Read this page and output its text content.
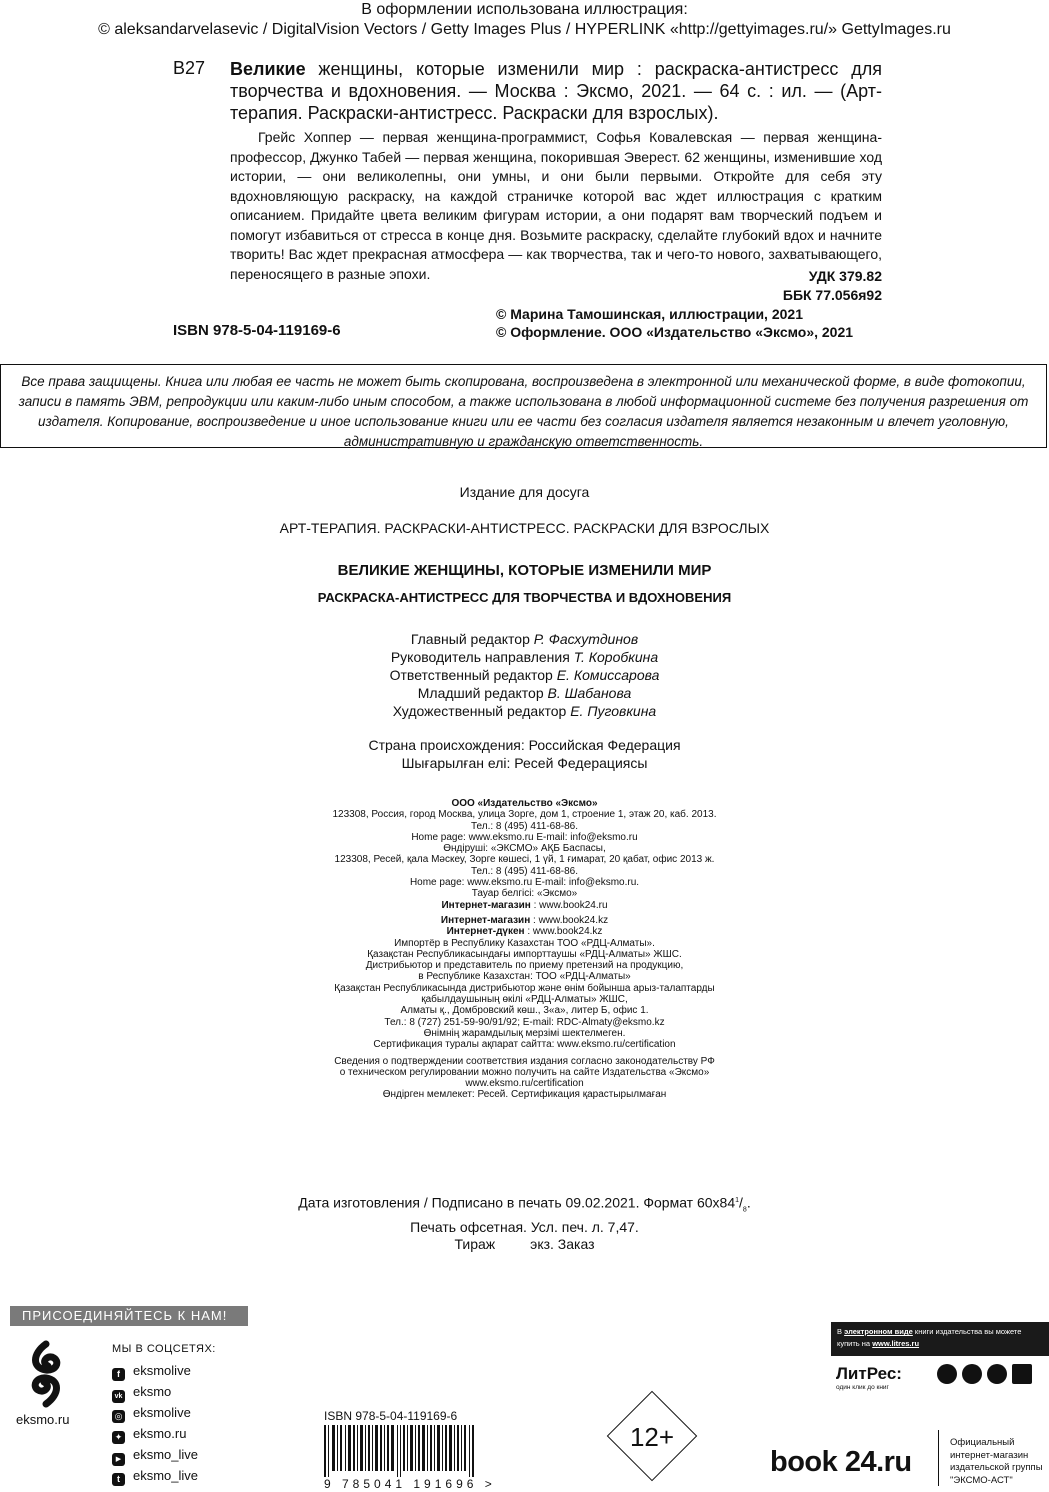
В оформлении использована иллюстрация:
© aleksandarvelasevic / DigitalVision Vectors / Getty Images Plus / HYPERLINK «http://gettyimages.ru/» GettyImages.ru
В27 Великие женщины, которые изменили мир : раскраска-антистресс для творчества и вдохновения. — Москва : Эксмо, 2021. — 64 с. : ил. — (Арт-терапия. Раскраски-антистресс. Раскраски для взрослых).
Грейс Хоппер — первая женщина-программист, Софья Ковалевская — первая женщина-профессор, Джунко Табей — первая женщина, покорившая Эверест. 62 женщины, изменившие ход истории, — они великолепны, они умны, и они были первыми. Откройте для себя эту вдохновляющую раскраску, на каждой страничке которой вас ждет иллюстрация с кратким описанием. Придайте цвета великим фигурам истории, а они подарят вам творческий подъем и помогут избавиться от стресса в конце дня. Возьмите раскраску, сделайте глубокий вдох и начните творить! Вас ждет прекрасная атмосфера — как творчества, так и чего-то нового, захватывающего, переносящего в разные эпохи.	УДК 379.82
ББК 77.056я92
© Марина Тамошинская, иллюстрации, 2021
© Оформление. ООО «Издательство «Эксмо», 2021
ISBN 978-5-04-119169-6
Все права защищены. Книга или любая ее часть не может быть скопирована, воспроизведена в электронной или механической форме, в виде фотокопии, записи в память ЭВМ, репродукции или каким-либо иным способом, а также использована в любой информационной системе без получения разрешения от издателя. Копирование, воспроизведение и иное использование книги или ее части без согласия издателя является незаконным и влечет уголовную, административную и гражданскую ответственность.
Издание для досуга
АРТ-ТЕРАПИЯ. РАСКРАСКИ-АНТИСТРЕСС. РАСКРАСКИ ДЛЯ ВЗРОСЛЫХ
ВЕЛИКИЕ ЖЕНЩИНЫ, КОТОРЫЕ ИЗМЕНИЛИ МИР
РАСКРАСКА-АНТИСТРЕСС ДЛЯ ТВОРЧЕСТВА И ВДОХНОВЕНИЯ
Главный редактор Р. Фасхутдинов
Руководитель направления Т. Коробкина
Ответственный редактор Е. Комиссарова
Младший редактор В. Шабанова
Художественный редактор Е. Пуговкина
Страна происхождения: Российская Федерация
Шығарылған елі: Ресей Федерациясы
ООО «Издательство «Эксмо»
123308, Россия, город Москва, улица Зорге, дом 1, строение 1, этаж 20, каб. 2013.
Тел.: 8 (495) 411-68-86.
Home page: www.eksmo.ru E-mail: info@eksmo.ru
Өндіруші: «ЭКСМО» АҚБ Баспасы,
123308, Ресей, қала Мәскеу, Зорге көшесі, 1 үй, 1 ғимарат, 20 қабат, офис 2013 ж.
Тел.: 8 (495) 411-68-86.
Home page: www.eksmo.ru E-mail: info@eksmo.ru.
Тауар белгісі: «Эксмо»
Интернет-магазин : www.book24.ru
Интернет-магазин : www.book24.kz
Интернет-дүкен : www.book24.kz
Импортёр в Республику Казахстан ТОО «РДЦ-Алматы».
Қазақстан Республикасындағы импорттаушы «РДЦ-Алматы» ЖШС.
Дистрибьютор и представитель по приему претензий на продукцию,
в Республике Казахстан: ТОО «РДЦ-Алматы»
Қазақстан Республикасында дистрибьютор және өнім бойынша арыз-талаптарды
қабылдаушының өкілі «РДЦ-Алматы» ЖШС,
Алматы қ., Домбровский көш., 3«а», литер Б, офис 1.
Тел.: 8 (727) 251-59-90/91/92; E-mail: RDC-Almaty@eksmo.kz
Өнімнің жарамдылық мерзімі шектелмеген.
Сертификация туралы ақпарат сайтта: www.eksmo.ru/certification
Сведения о подтверждении соответствия издания согласно законодательству РФ
о техническом регулировании можно получить на сайте Издательства «Эксмо»
www.eksmo.ru/certification
Өндірген мемлекет: Ресей. Сертификация қарастырылмаған
Дата изготовления / Подписано в печать 09.02.2021. Формат $60x84^1/_8$.
Печать офсетная. Усл. печ. л. 7,47.
Тираж         экз. Заказ
ПРИСОЕДИНЯЙТЕСЬ К НАМ!
eksmo.ru
МЫ В СОЦСЕТЯХ:
f eksmolive
vk eksmo
◎ eksmolive
✦ eksmo.ru
▶ eksmo_live
t eksmo_live
ISBN 978-5-04-119169-6
9 785041 191696 >
12+
В электронном виде книги издательства вы можете купить на www.litres.ru
ЛитРес:
один клик до книг
book 24.ru
Официальный
интернет-магазин
издательской группы
"ЭКСМО-АСТ"
